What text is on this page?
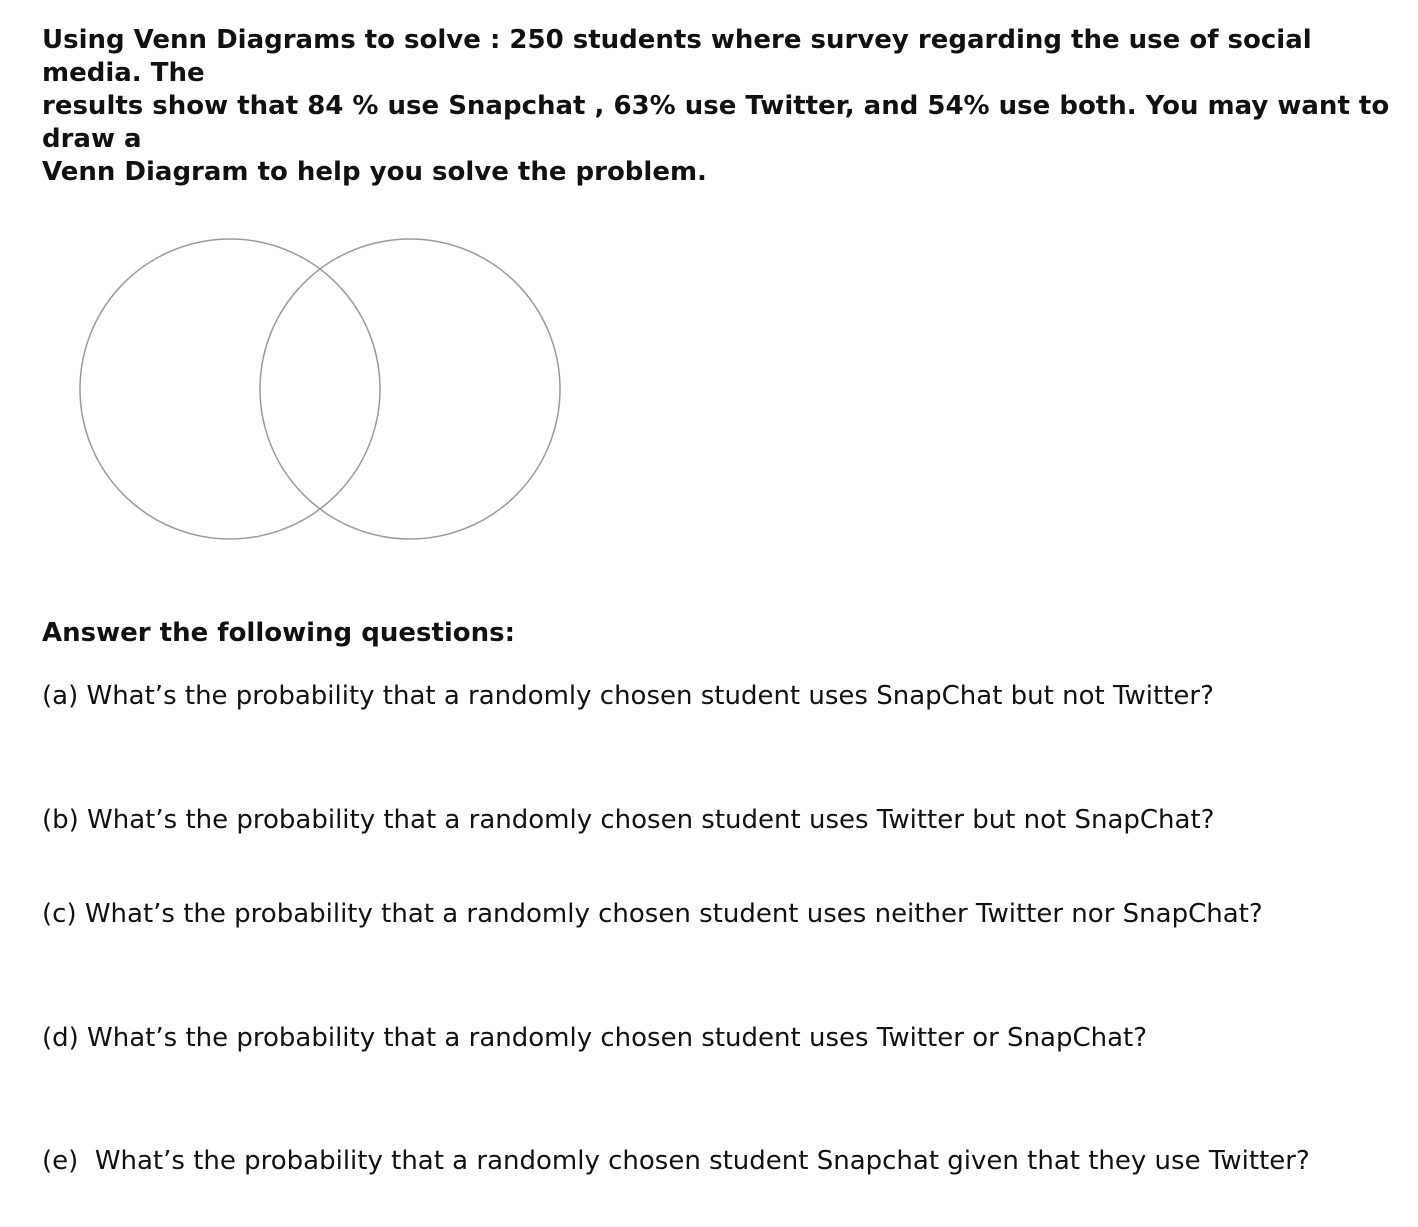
Using Venn Diagrams to solve : 250 students where survey regarding the use of social media. The
results show that 84 % use Snapchat , 63% use Twitter, and 54% use both. You may want to draw a
Venn Diagram to help you solve the problem.

Answer the following questions:

(a) What’s the probability that a randomly chosen student uses SnapChat but not Twitter?

(b) What’s the probability that a randomly chosen student uses Twitter but not SnapChat?

(c) What’s the probability that a randomly chosen student uses neither Twitter nor SnapChat?

(d) What’s the probability that a randomly chosen student uses Twitter or SnapChat?

(e)  What’s the probability that a randomly chosen student Snapchat given that they use Twitter?
